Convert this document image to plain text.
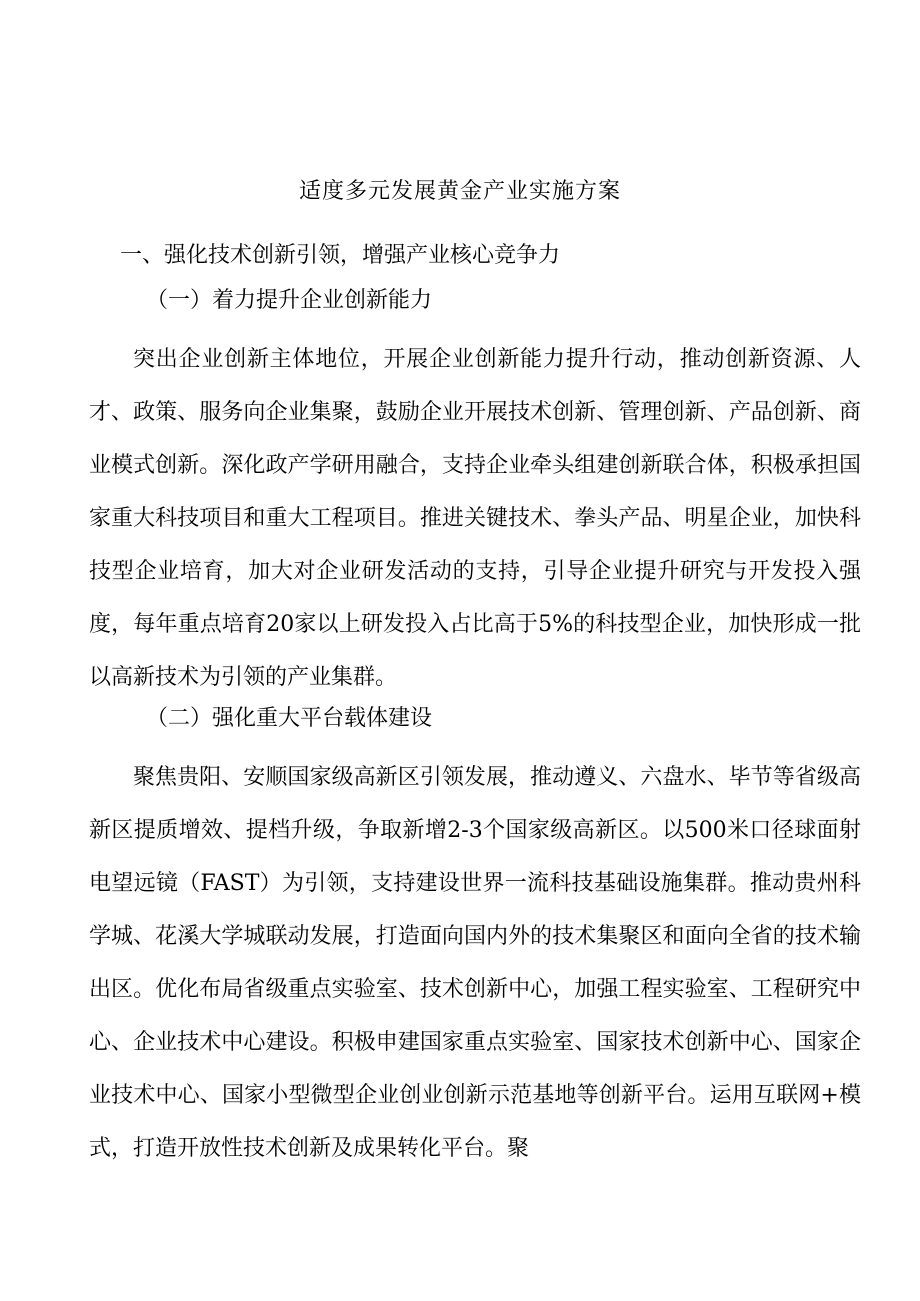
适度多元发展黄金产业实施方案
一、强化技术创新引领，增强产业核心竞争力
（一）着力提升企业创新能力

突出企业创新主体地位，开展企业创新能力提升行动，推动创新资源、人才、政策、服务向企业集聚，鼓励企业开展技术创新、管理创新、产品创新、商业模式创新。深化政产学研用融合，支持企业牵头组建创新联合体，积极承担国家重大科技项目和重大工程项目。推进关键技术、拳头产品、明星企业，加快科技型企业培育，加大对企业研发活动的支持，引导企业提升研究与开发投入强度，每年重点培育20家以上研发投入占比高于5%的科技型企业，加快形成一批以高新技术为引领的产业集群。

（二）强化重大平台载体建设

聚焦贵阳、安顺国家级高新区引领发展，推动遵义、六盘水、毕节等省级高新区提质增效、提档升级，争取新增2-3个国家级高新区。以500米口径球面射电望远镜（FAST）为引领，支持建设世界一流科技基础设施集群。推动贵州科学城、花溪大学城联动发展，打造面向国内外的技术集聚区和面向全省的技术输出区。优化布局省级重点实验室、技术创新中心，加强工程实验室、工程研究中心、企业技术中心建设。积极申建国家重点实验室、国家技术创新中心、国家企业技术中心、国家小型微型企业创业创新示范基地等创新平台。运用互联网+模式，打造开放性技术创新及成果转化平台。聚
